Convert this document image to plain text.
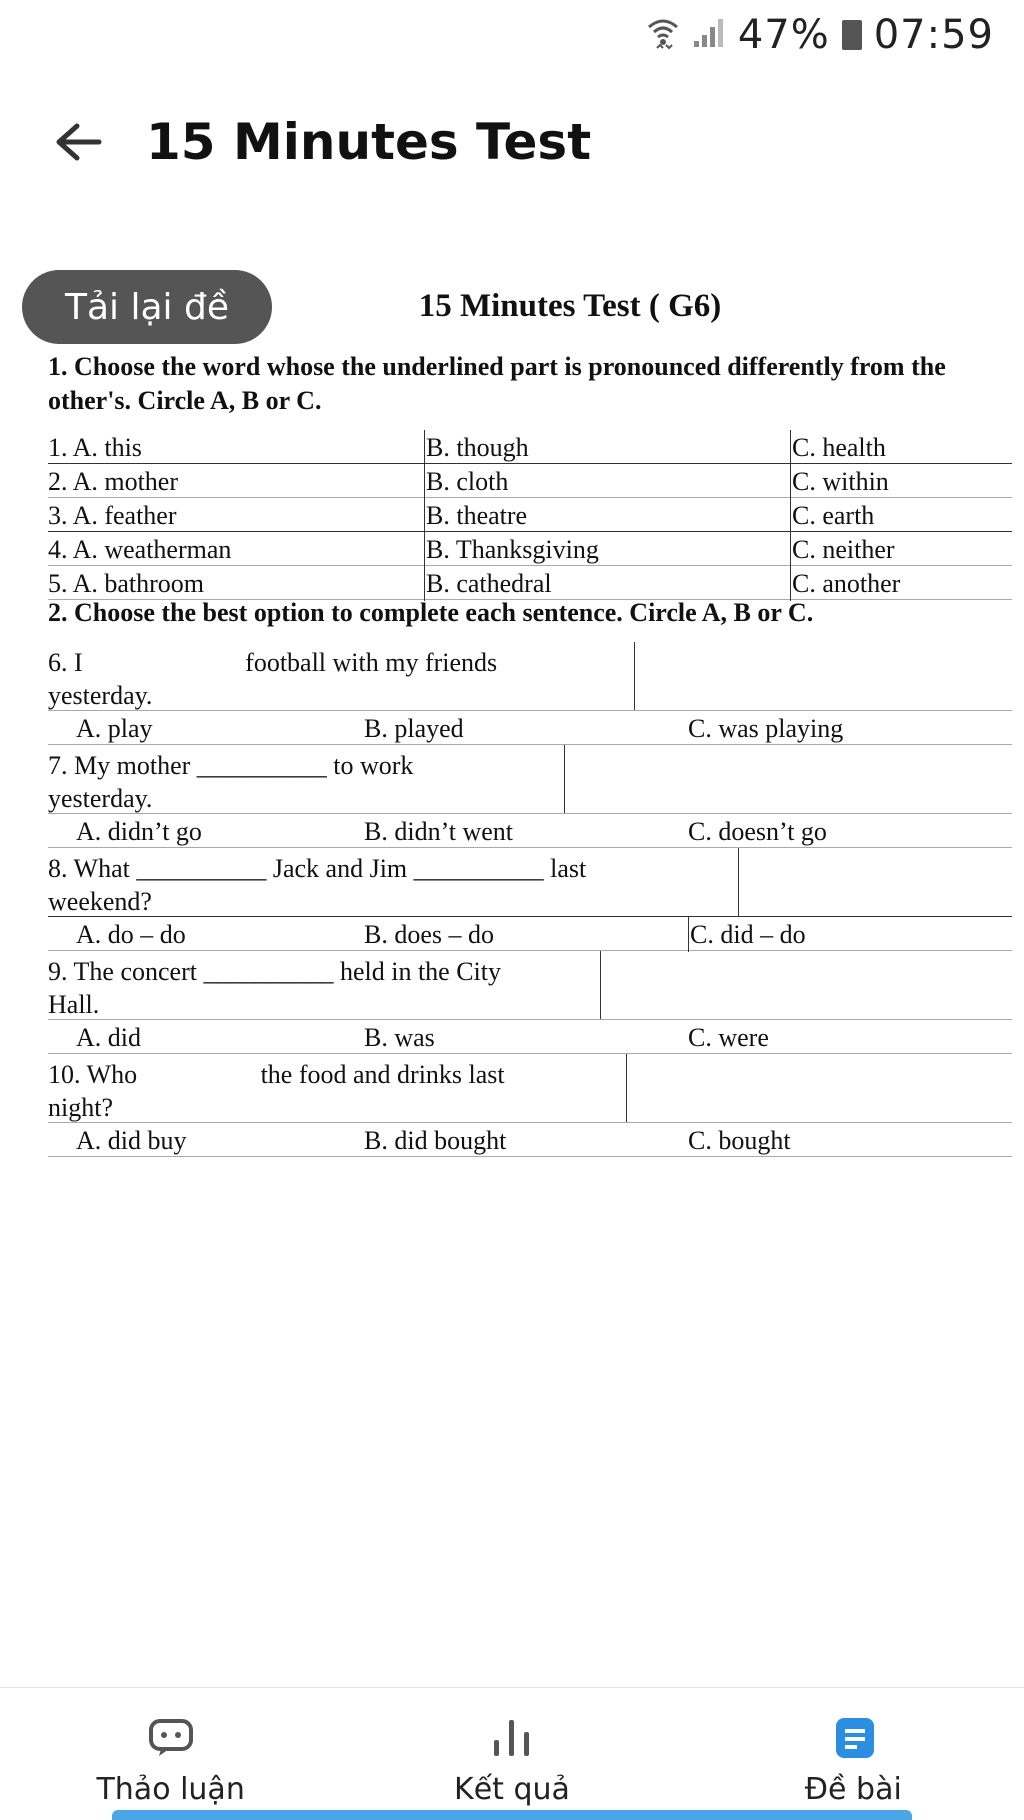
47% 07:59
15 Minutes Test
15 Minutes Test ( G6)
1. Choose the word whose the underlined part is pronounced differently from the other's. Circle A, B or C.
1. A. this	B. though	C. health
2. A. mother	B. cloth	C. within
3. A. feather	B. theatre	C. earth
4. A. weatherman	B. Thanksgiving	C. neither
5. A. bathroom	B. cathedral	C. another
2. Choose the best option to complete each sentence. Circle A, B or C.
6. I                         football with my friends
yesterday.
A. play	B. played	C. was playing
7. My mother __________ to work
yesterday.
A. didn’t go	B. didn’t went	C. doesn’t go
8. What __________ Jack and Jim __________ last
weekend?
A. do – do	B. does – do	C. did – do
9. The concert __________ held in the City
Hall.
A. did	B. was	C. were
10. Who                   the food and drinks last
night?
A. did buy	B. did bought	C. bought
Tải lại đề
Thảo luận	Kết quả	Đề bài
